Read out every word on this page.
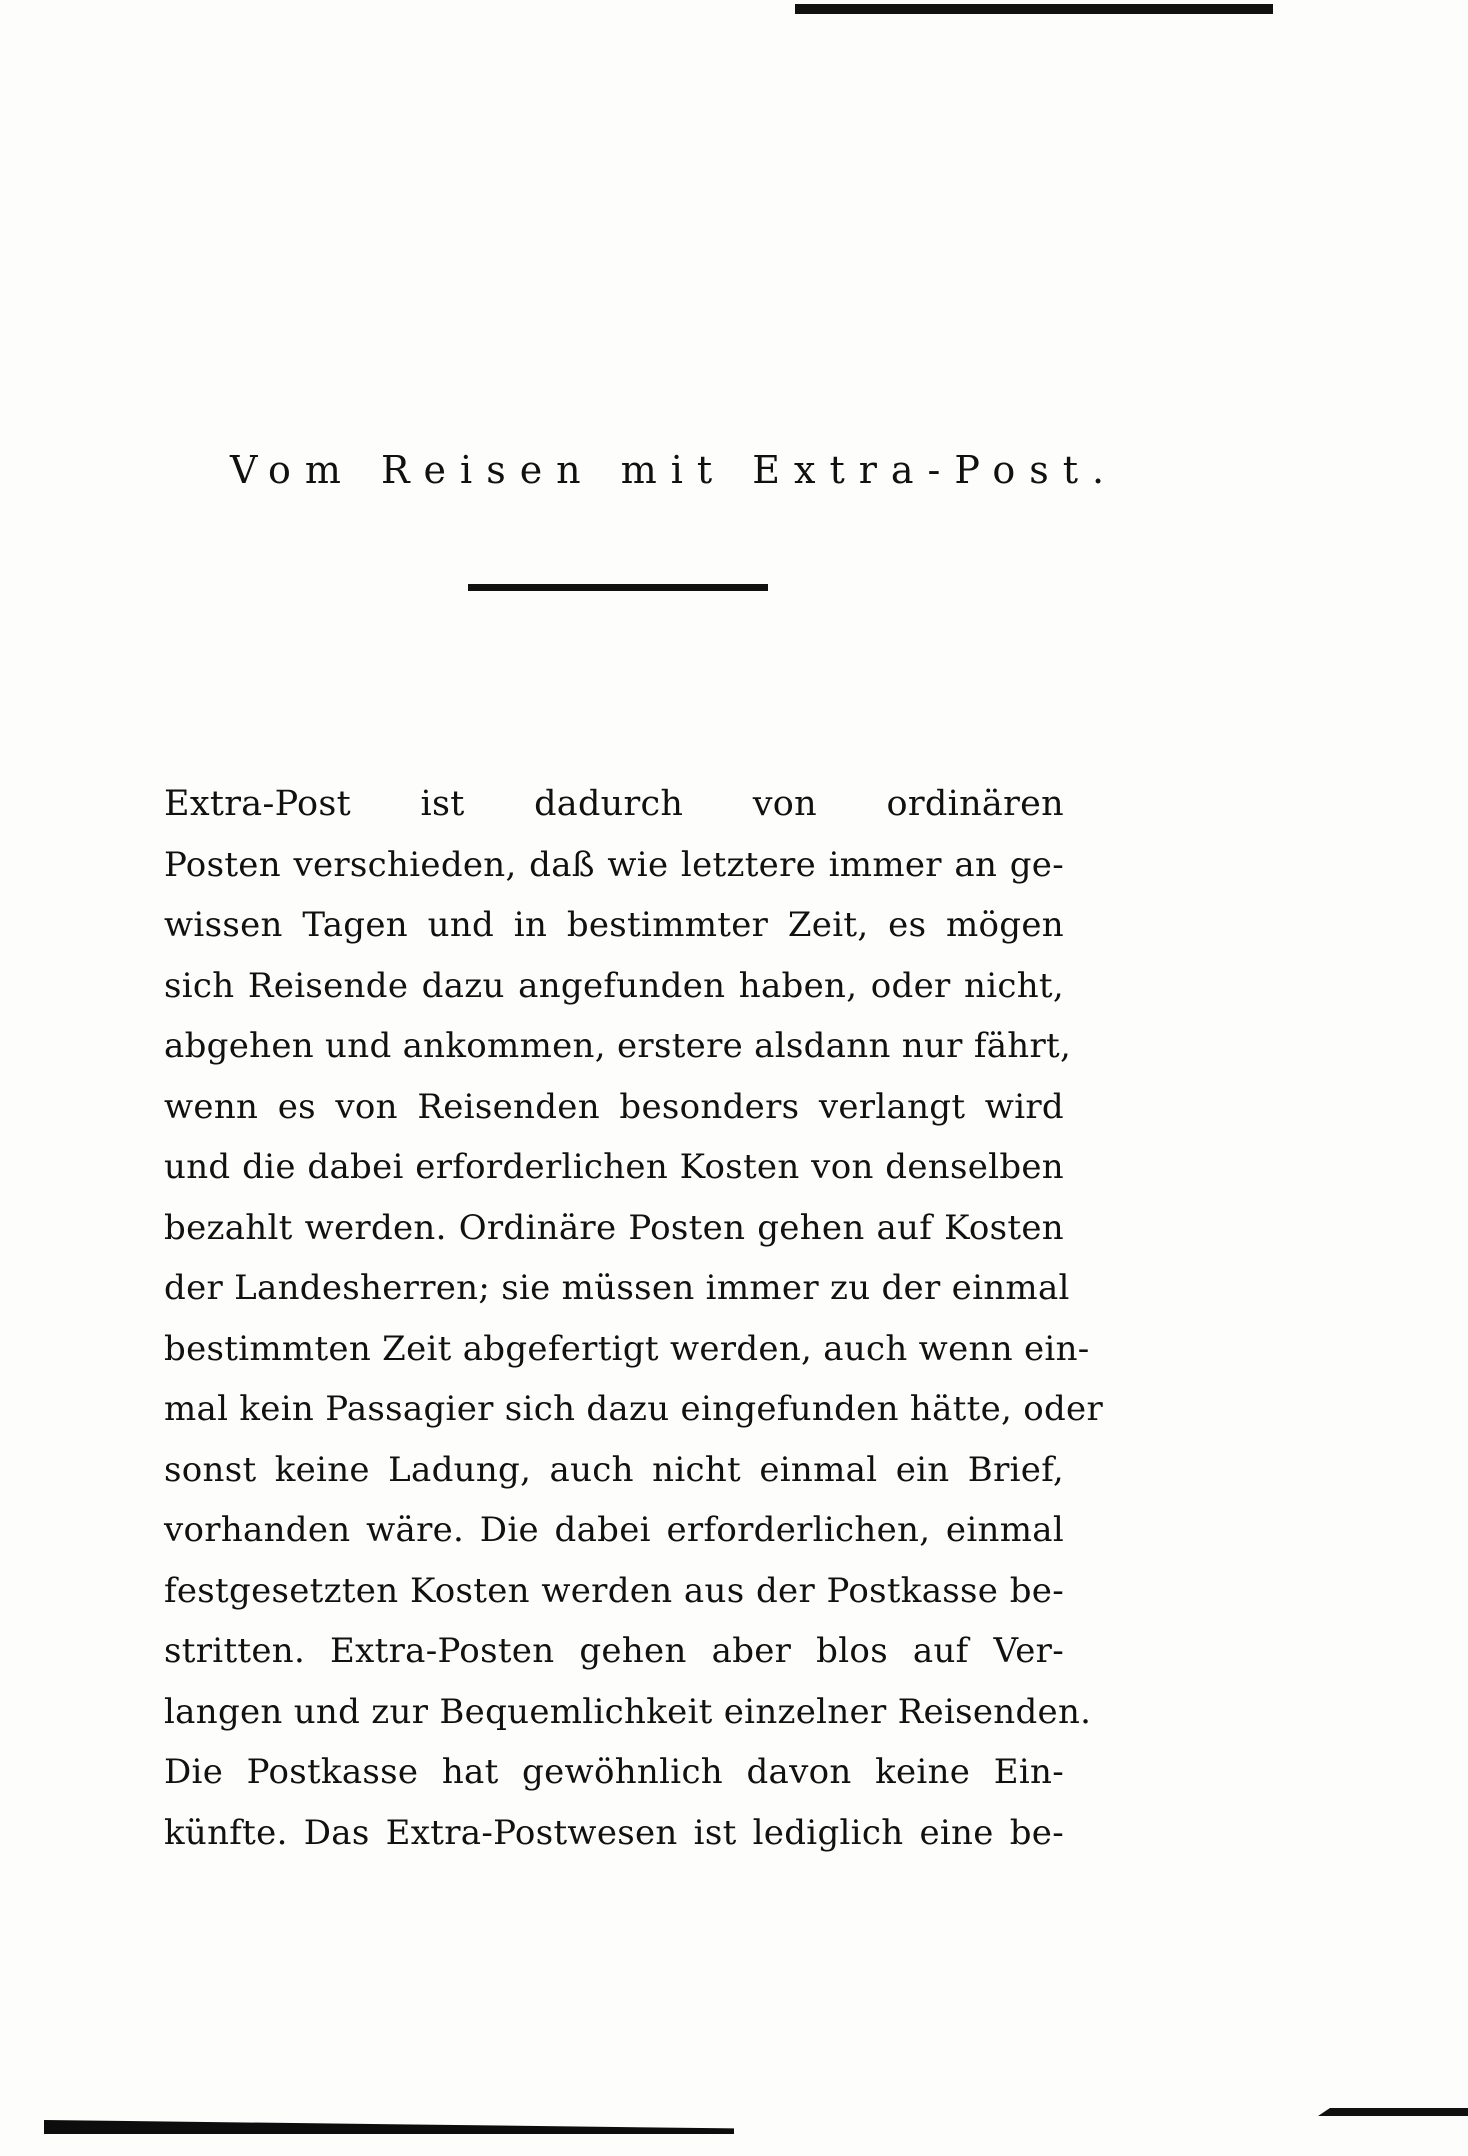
Vom Reisen mit Extra-Post.
Extra-Post ist dadurch von ordinären
Posten verschieden, daß wie letztere immer an ge-
wissen Tagen und in bestimmter Zeit, es mögen
sich Reisende dazu angefunden haben, oder nicht,
abgehen und ankommen, erstere alsdann nur fährt,
wenn es von Reisenden besonders verlangt wird
und die dabei erforderlichen Kosten von denselben
bezahlt werden. Ordinäre Posten gehen auf Kosten
der Landesherren; sie müssen immer zu der einmal
bestimmten Zeit abgefertigt werden, auch wenn ein-
mal kein Passagier sich dazu eingefunden hätte, oder
sonst keine Ladung, auch nicht einmal ein Brief,
vorhanden wäre. Die dabei erforderlichen, einmal
festgesetzten Kosten werden aus der Postkasse be-
stritten. Extra-Posten gehen aber blos auf Ver-
langen und zur Bequemlichkeit einzelner Reisenden.
Die Postkasse hat gewöhnlich davon keine Ein-
künfte. Das Extra-Postwesen ist lediglich eine be-
